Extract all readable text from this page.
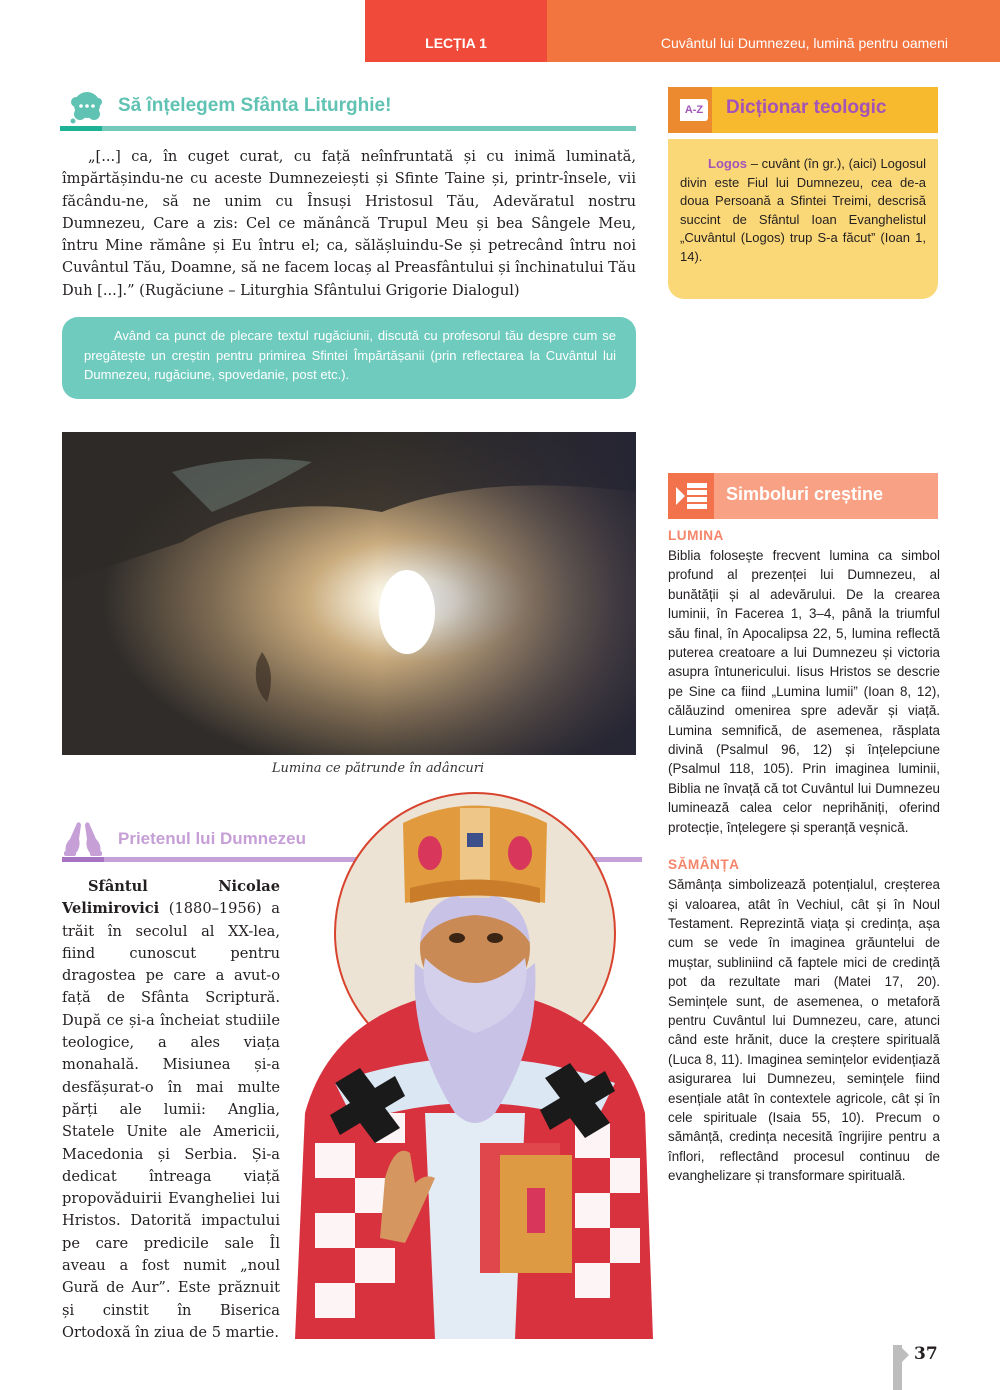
LECȚIA 1	Cuvântul lui Dumnezeu, lumină pentru oameni
Să înțelegem Sfânta Liturghie!

„[...] ca, în cuget curat, cu față neînfruntată și cu inimă luminată, împărtășindu-ne cu aceste Dumnezeiești și Sfinte Taine și, printr-însele, vii făcându-ne, să ne unim cu Însuși Hristosul Tău, Adevăratul nostru Dumnezeu, Care a zis: Cel ce mănâncă Trupul Meu și bea Sângele Meu, întru Mine rămâne și Eu întru el; ca, sălășluindu-Se și petrecând întru noi Cuvântul Tău, Doamne, să ne facem locaș al Preasfântului și închinatului Tău Duh [...].” (Rugăciune – Liturghia Sfântului Grigorie Dialogul)

A-Z Dicționar teologic
Logos – cuvânt (în gr.), (aici) Logosul divin este Fiul lui Dumnezeu, cea de-a doua Persoană a Sfintei Treimi, descrisă succint de Sfântul Ioan Evanghelistul „Cuvântul (Logos) trup S-a făcut” (Ioan 1, 14).
Având ca punct de plecare textul rugăciunii, discută cu profesorul tău despre cum se pregătește un creștin pentru primirea Sfintei Împărtășanii (prin reflectarea la Cuvântul lui Dumnezeu, rugăciune, spovedanie, post etc.).
Lumina ce pătrunde în adâncuri
Prietenul lui Dumnezeu

Sfântul Nicolae Velimirovici (1880–1956) a trăit în secolul al XX-lea, fiind cunoscut pentru dragostea pe care a avut-o față de Sfânta Scriptură. După ce și-a încheiat studiile teologice, a ales viața monahală. Misiunea și-a desfășurat-o în mai multe părți ale lumii: Anglia, Statele Unite ale Americii, Macedonia și Serbia. Și-a dedicat întreaga viață propovăduirii Evangheliei lui Hristos. Datorită impactului pe care predicile sale Îl aveau a fost numit „noul Gură de Aur”. Este prăznuit și cinstit în Biserica Ortodoxă în ziua de 5 martie.

Simboluri creștine
LUMINA

Biblia folosește frecvent lumina ca simbol profund al prezenței lui Dumnezeu, al bunătății și al adevărului. De la crearea luminii, în Facerea 1, 3–4, până la triumful său final, în Apocalipsa 22, 5, lumina reflectă puterea creatoare a lui Dumnezeu și victoria asupra întunericului. Iisus Hristos se descrie pe Sine ca fiind „Lumina lumii” (Ioan 8, 12), călăuzind omenirea spre adevăr și viață. Lumina semnifică, de asemenea, răsplata divină (Psalmul 96, 12) și înțelepciune (Psalmul 118, 105). Prin imaginea luminii, Biblia ne învață că tot Cuvântul lui Dumnezeu luminează calea celor neprihăniți, oferind protecție, înțelegere și speranță veșnică.

SĂMÂNȚA

Sămânța simbolizează potențialul, creșterea și valoarea, atât în Vechiul, cât și în Noul Testament. Reprezintă viața și credința, așa cum se vede în imaginea grăuntelui de muștar, subliniind că faptele mici de credință pot da rezultate mari (Matei 17, 20). Semințele sunt, de asemenea, o metaforă pentru Cuvântul lui Dumnezeu, care, atunci când este hrănit, duce la creștere spirituală (Luca 8, 11). Imaginea semințelor evidențiază asigurarea lui Dumnezeu, semințele fiind esențiale atât în contextele agricole, cât și în cele spirituale (Isaia 55, 10). Precum o sămânță, credința necesită îngrijire pentru a înflori, reflectând procesul continuu de evanghelizare și transformare spirituală.

37
